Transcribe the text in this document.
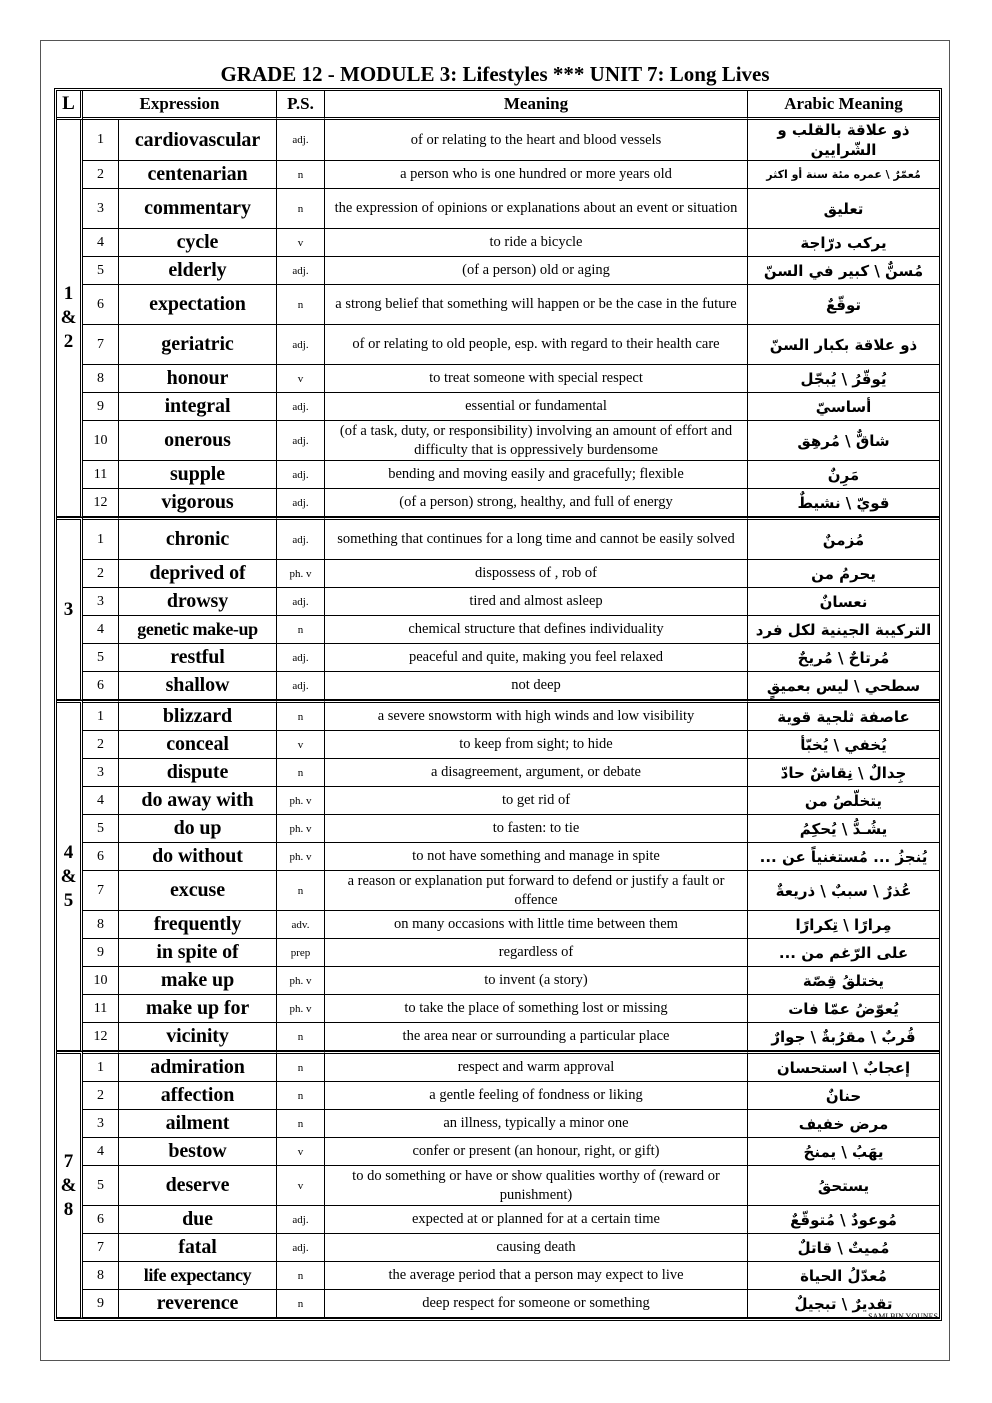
GRADE 12 - MODULE 3: Lifestyles *** UNIT 7: Long Lives
L	Expression		P.S.	Meaning	Arabic Meaning
1
&
2	1	cardiovascular	adj.	of or relating to the heart and blood vessels	ذو علاقة بالقلب و الشّرايين
	2	centenarian	n	a person who is one hundred or more years old	مُعمّرٌ \ عمره مئة سنة أو اكثر
	3	commentary	n	the expression of opinions or explanations about an event or situation	تعليق
	4	cycle	v	to ride a bicycle	يركب درّاجة
	5	elderly	adj.	(of a person) old or aging	مُسنٌّ \ كبير في السنّ
	6	expectation	n	a strong belief that something will happen or be the case in the future	توقّعٌ
	7	geriatric	adj.	of or relating to old people, esp. with regard to their health care	ذو علاقة بكبار السنّ
	8	honour	v	to treat someone with special respect	يُوقّرُ \ يُبجّل
	9	integral	adj.	essential or fundamental	أساسيّ
	10	onerous	adj.	(of a task, duty, or responsibility) involving an amount of effort and difficulty that is oppressively burdensome	شاقٌّ \ مُرهِق
	11	supple	adj.	bending and moving easily and gracefully; flexible	مَرِنٌ
	12	vigorous	adj.	(of a person) strong, healthy, and full of energy	قويّ \ نشيطٌ
3	1	chronic	adj.	something that continues for a long time and cannot be easily solved	مُزمنٌ
	2	deprived of	ph. v	dispossess of , rob of	يحرمُ من
	3	drowsy	adj.	tired and almost asleep	نعسانٌ
	4	genetic make-up	n	chemical structure that defines individuality	التركيبة الجينية لكل فرد
	5	restful	adj.	peaceful and quite, making you feel relaxed	مُرتاحٌ \ مُريحٌ
	6	shallow	adj.	not deep	سطحي \ ليس بعميقٍ
4
&
5	1	blizzard	n	a severe snowstorm with high winds and low visibility	عاصفة ثلجية قوية
	2	conceal	v	to keep from sight; to hide	يُخفي \ يُخبّأ
	3	dispute	n	a disagreement, argument, or debate	جِدالٌ \ نِقاشٌ حادّ
	4	do away with	ph. v	to get rid of	يتخلّصُ من
	5	do up	ph. v	to fasten: to tie	يشُـدُّ \ يُحكِمُ
	6	do without	ph. v	to not have something and manage in spite	يُنجزُ ... مُستغنياً عن ...
	7	excuse	n	a reason or explanation put forward to defend or justify a fault or offence	عُذرٌ \ سببٌ \ ذريعةٌ
	8	frequently	adv.	on many occasions with little time between them	مِرارًا \ تِكرارًا
	9	in spite of	prep	regardless of	على الرّغم من ...
	10	make up	ph. v	to invent (a story)	يختلقُ قِصّة
	11	make up for	ph. v	to take the place of something lost or missing	يُعوّضُ عمّا فات
	12	vicinity	n	the area near or surrounding a particular place	قُربٌ \ مقرُبةٌ \ جوارٌ
7
&
8	1	admiration	n	respect and warm approval	إعجابٌ \ استحسان
	2	affection	n	a gentle feeling of fondness or liking	حنانٌ
	3	ailment	n	an illness, typically a minor one	مرض خفيف
	4	bestow	v	confer or present (an honour, right, or gift)	يهَبُ \ يمنحُ
	5	deserve	v	to do something or have or show qualities worthy of (reward or punishment)	يستحقُ
	6	due	adj.	expected at or planned for at a certain time	مُوعودٌ \ مُتوقّعٌ
	7	fatal	adj.	causing death	مُميتٌ \ قاتلٌ
	8	life expectancy	n	the average period that a person may expect to live	مُعدّلُ الحياة
	9	reverence	n	deep respect for someone or something	تقديرٌ \ تبجيلٌ
SAMI BIN YOUNES
